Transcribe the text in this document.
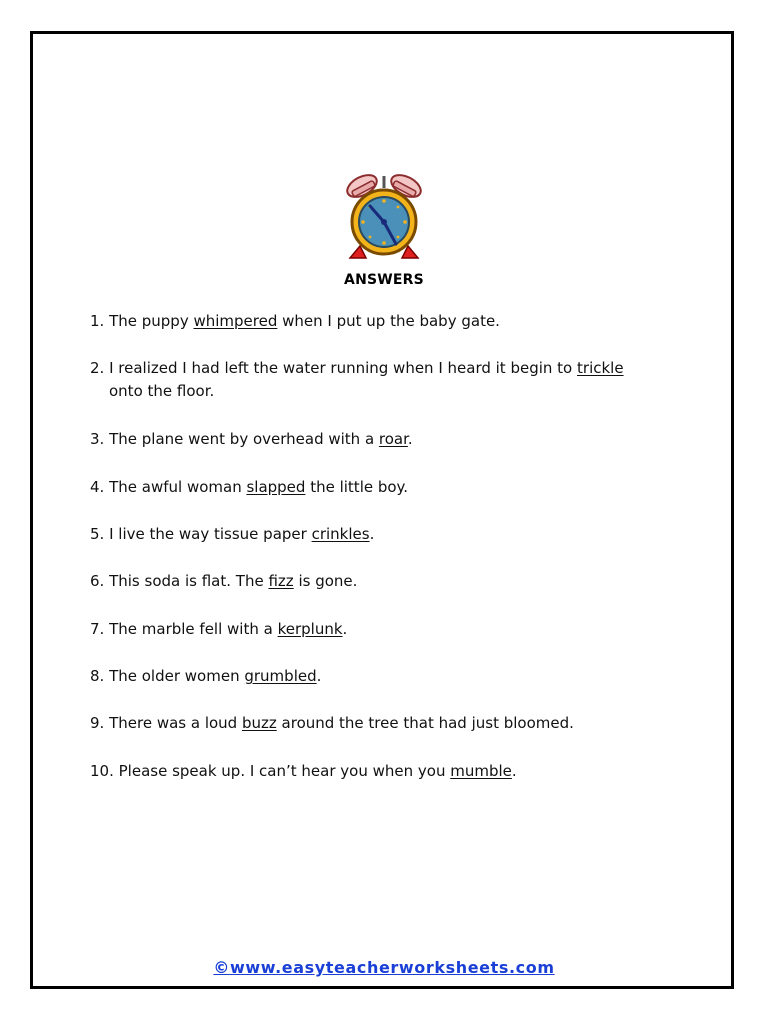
ANSWERS
1. The puppy whimpered when I put up the baby gate.
2. I realized I had left the water running when I heard it begin to trickle
onto the floor.
3. The plane went by overhead with a roar.
4. The awful woman slapped the little boy.
5. I live the way tissue paper crinkles.
6. This soda is flat. The fizz is gone.
7. The marble fell with a kerplunk.
8. The older women grumbled.
9. There was a loud buzz around the tree that had just bloomed.
10. Please speak up. I can’t hear you when you mumble.
©www.easyteacherworksheets.com
